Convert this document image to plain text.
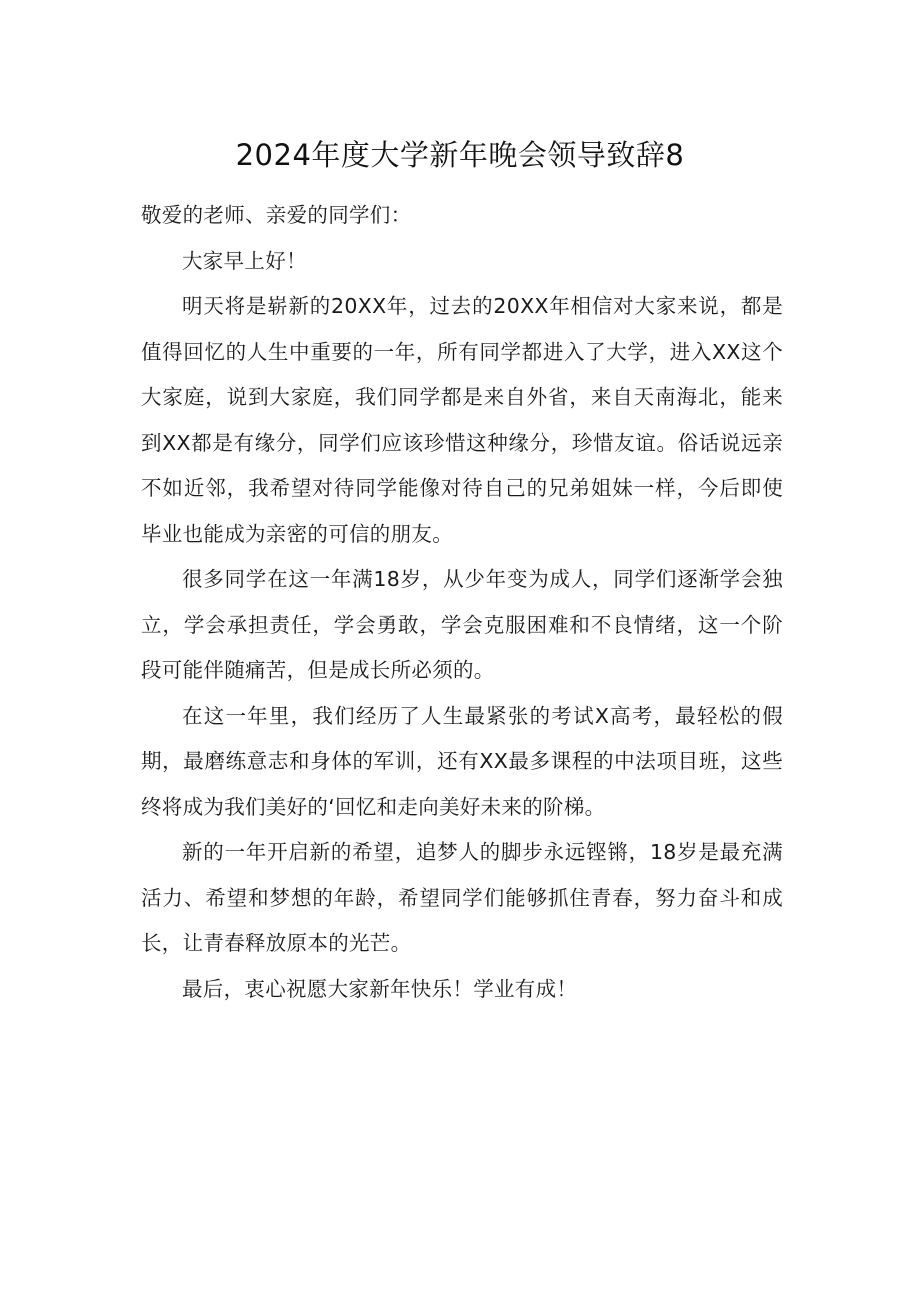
2024年度大学新年晚会领导致辞8

敬爱的老师、亲爱的同学们：

大家早上好！

明天将是崭新的20XX年，过去的20XX年相信对大家来说，都是值得回忆的人生中重要的一年，所有同学都进入了大学，进入XX这个大家庭，说到大家庭，我们同学都是来自外省，来自天南海北，能来到XX都是有缘分，同学们应该珍惜这种缘分，珍惜友谊。俗话说远亲不如近邻，我希望对待同学能像对待自己的兄弟姐妹一样，今后即使毕业也能成为亲密的可信的朋友。

很多同学在这一年满18岁，从少年变为成人，同学们逐渐学会独立，学会承担责任，学会勇敢，学会克服困难和不良情绪，这一个阶段可能伴随痛苦，但是成长所必须的。

在这一年里，我们经历了人生最紧张的考试X高考，最轻松的假期，最磨练意志和身体的军训，还有XX最多课程的中法项目班，这些终将成为我们美好的‘回忆和走向美好未来的阶梯。

新的一年开启新的希望，追梦人的脚步永远铿锵，18岁是最充满活力、希望和梦想的年龄，希望同学们能够抓住青春，努力奋斗和成长，让青春释放原本的光芒。

最后，衷心祝愿大家新年快乐！学业有成！
